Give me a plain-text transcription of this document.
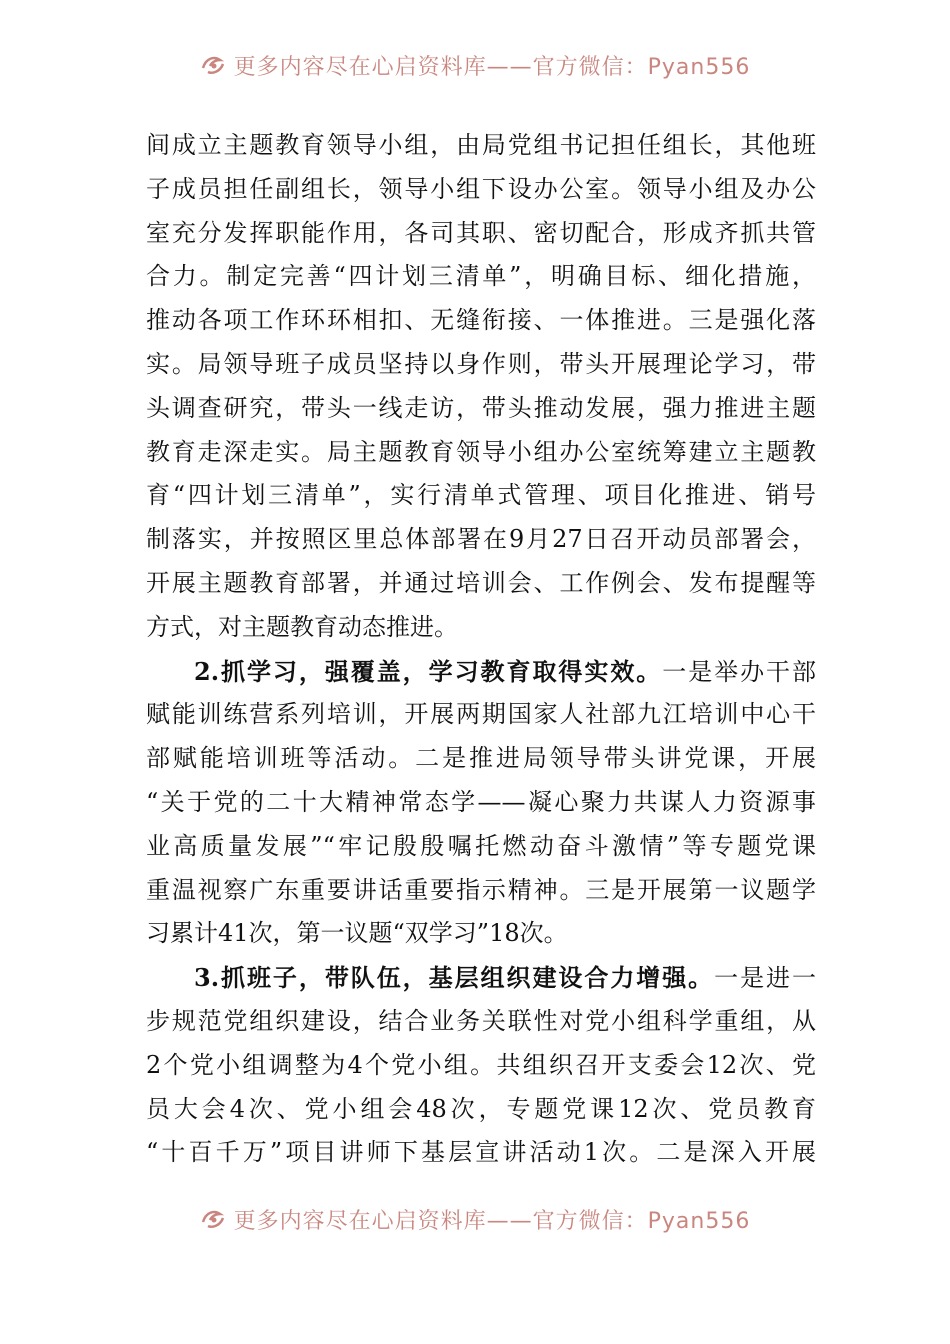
更多内容尽在心启资料库——官方微信：Pyan556
间成立主题教育领导小组，由局党组书记担任组长，其他班
子成员担任副组长，领导小组下设办公室。领导小组及办公
室充分发挥职能作用，各司其职、密切配合，形成齐抓共管
合力。制定完善“四计划三清单”，明确目标、细化措施，
推动各项工作环环相扣、无缝衔接、一体推进。三是强化落
实。局领导班子成员坚持以身作则，带头开展理论学习，带
头调查研究，带头一线走访，带头推动发展，强力推进主题
教育走深走实。局主题教育领导小组办公室统筹建立主题教
育“四计划三清单”，实行清单式管理、项目化推进、销号
制落实，并按照区里总体部署在9月27日召开动员部署会，
开展主题教育部署，并通过培训会、工作例会、发布提醒等
方式，对主题教育动态推进。
2.抓学习，强覆盖，学习教育取得实效。一是举办干部
赋能训练营系列培训，开展两期国家人社部九江培训中心干
部赋能培训班等活动。二是推进局领导带头讲党课，开展
“关于党的二十大精神常态学——凝心聚力共谋人力资源事
业高质量发展”“牢记殷殷嘱托燃动奋斗激情”等专题党课
重温视察广东重要讲话重要指示精神。三是开展第一议题学
习累计41次，第一议题“双学习”18次。
3.抓班子，带队伍，基层组织建设合力增强。一是进一
步规范党组织建设，结合业务关联性对党小组科学重组，从
2个党小组调整为4个党小组。共组织召开支委会12次、党
员大会4次、党小组会48次，专题党课12次、党员教育
“十百千万”项目讲师下基层宣讲活动1次。二是深入开展
更多内容尽在心启资料库——官方微信：Pyan556
